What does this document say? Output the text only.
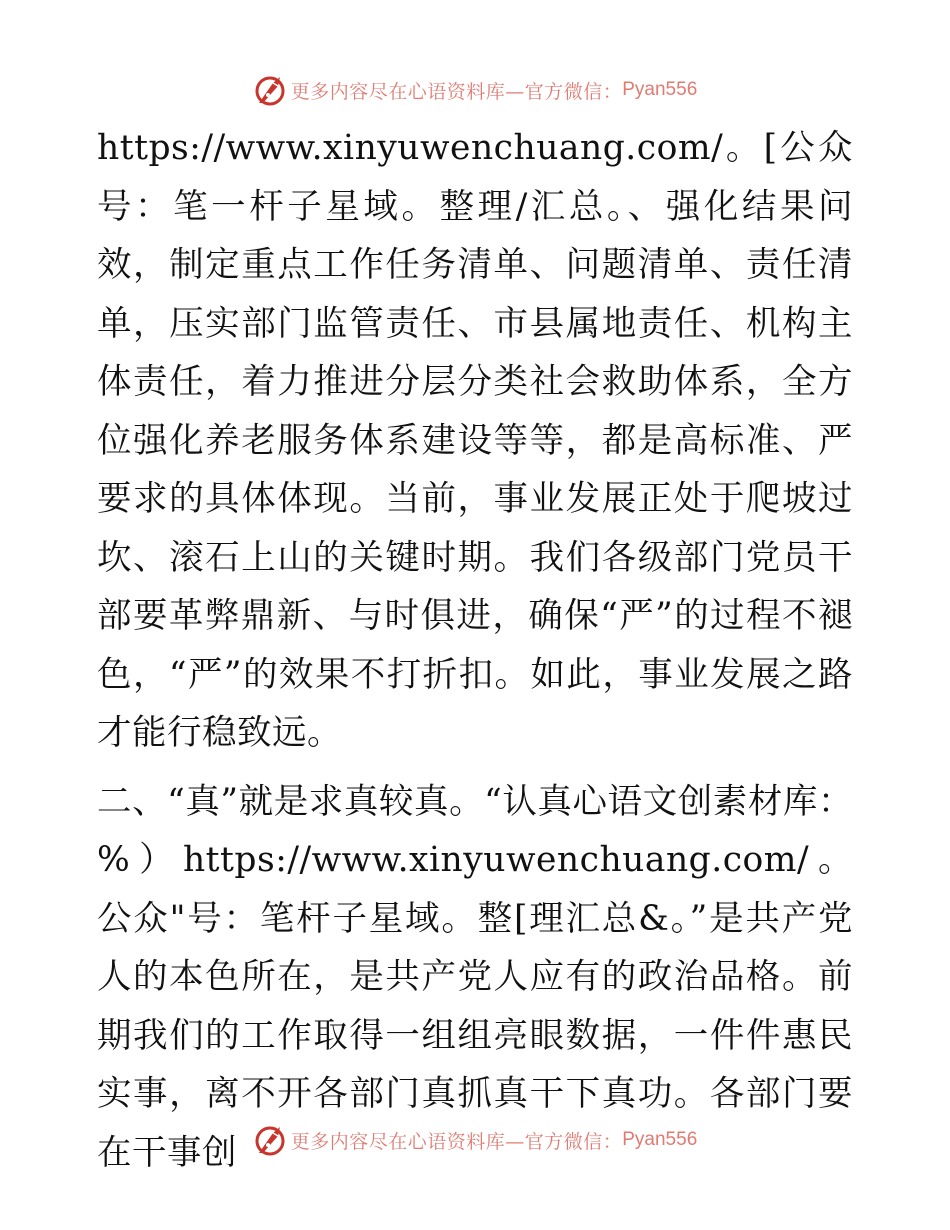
更多内容尽在心语资料库—官方微信： Pyan556

https://www.xinyuwenchuang.com/。[公众号：笔一杆子星域。整理/汇总。、强化结果问效，制定重点工作任务清单、问题清单、责任清单，压实部门监管责任、市县属地责任、机构主体责任，着力推进分层分类社会救助体系，全方位强化养老服务体系建设等等，都是高标准、严要求的具体体现。当前，事业发展正处于爬坡过坎、滚石上山的关键时期。我们各级部门党员干部要革弊鼎新、与时俱进，确保“严”的过程不褪色，“严”的效果不打折扣。如此，事业发展之路才能行稳致远。

二、“真”就是求真较真。“认真心语文创素材库：%）https://www.xinyuwenchuang.com/。公众"号：笔杆子星域。整[理汇总&。”是共产党人的本色所在，是共产党人应有的政治品格。前期我们的工作取得一组组亮眼数据，一件件惠民实事，离不开各部门真抓真干下真功。各部门要在干事创	更多内容尽在心语资料库—官方微信： Pyan556
